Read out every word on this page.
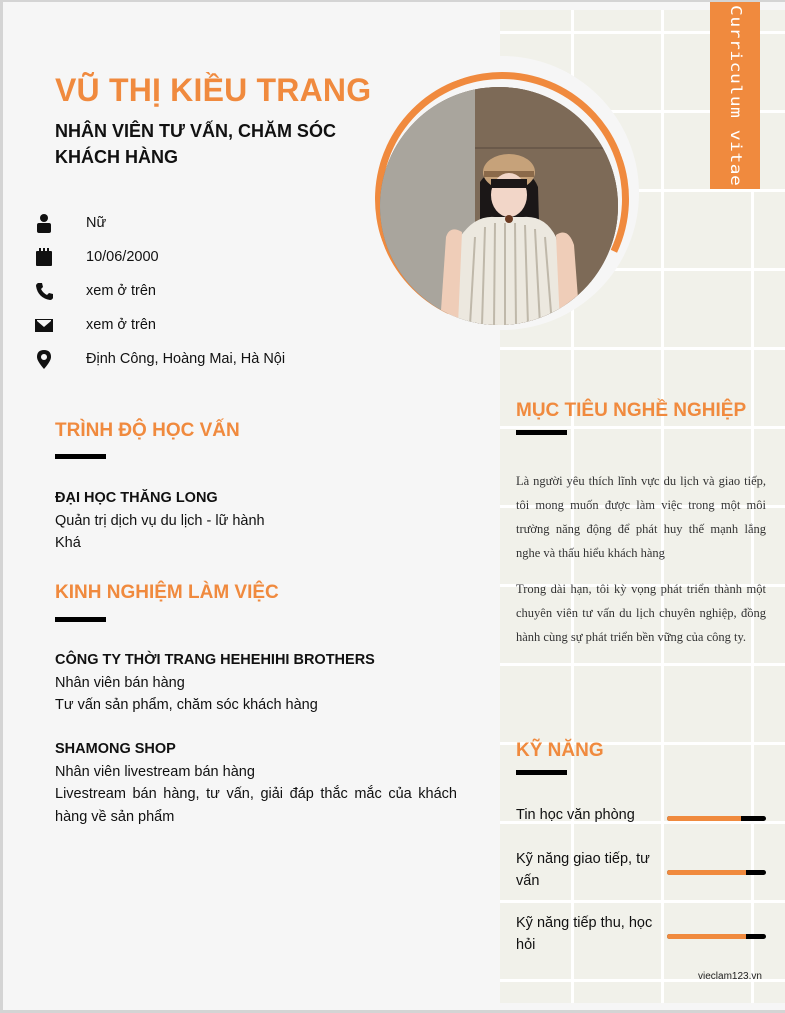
Curriculum vitae
VŨ THỊ KIỀU TRANG
NHÂN VIÊN TƯ VẤN, CHĂM SÓC KHÁCH HÀNG
Nữ
10/06/2000
xem ở trên
xem ở trên
Định Công, Hoàng Mai, Hà Nội
TRÌNH ĐỘ HỌC VẤN
ĐẠI HỌC THĂNG LONG
Quản trị dịch vụ du lịch - lữ hành
Khá
KINH NGHIỆM LÀM VIỆC
CÔNG TY THỜI TRANG HEHEHIHI BROTHERS
Nhân viên bán hàng
Tư vấn sản phẩm, chăm sóc khách hàng
SHAMONG SHOP
Nhân viên livestream bán hàng
Livestream bán hàng, tư vấn, giải đáp thắc mắc của khách hàng về sản phẩm
MỤC TIÊU NGHỀ NGHIỆP
Là người yêu thích lĩnh vực du lịch và giao tiếp, tôi mong muốn được làm việc trong một môi trường năng động để phát huy thế mạnh lắng nghe và thấu hiểu khách hàng
Trong dài hạn, tôi kỳ vọng phát triển thành một chuyên viên tư vấn du lịch chuyên nghiệp, đồng hành cùng sự phát triển bền vững của công ty.
KỸ NĂNG
Tin học văn phòng
Kỹ năng giao tiếp, tư vấn
Kỹ năng tiếp thu, học hỏi
vieclam123.vn
